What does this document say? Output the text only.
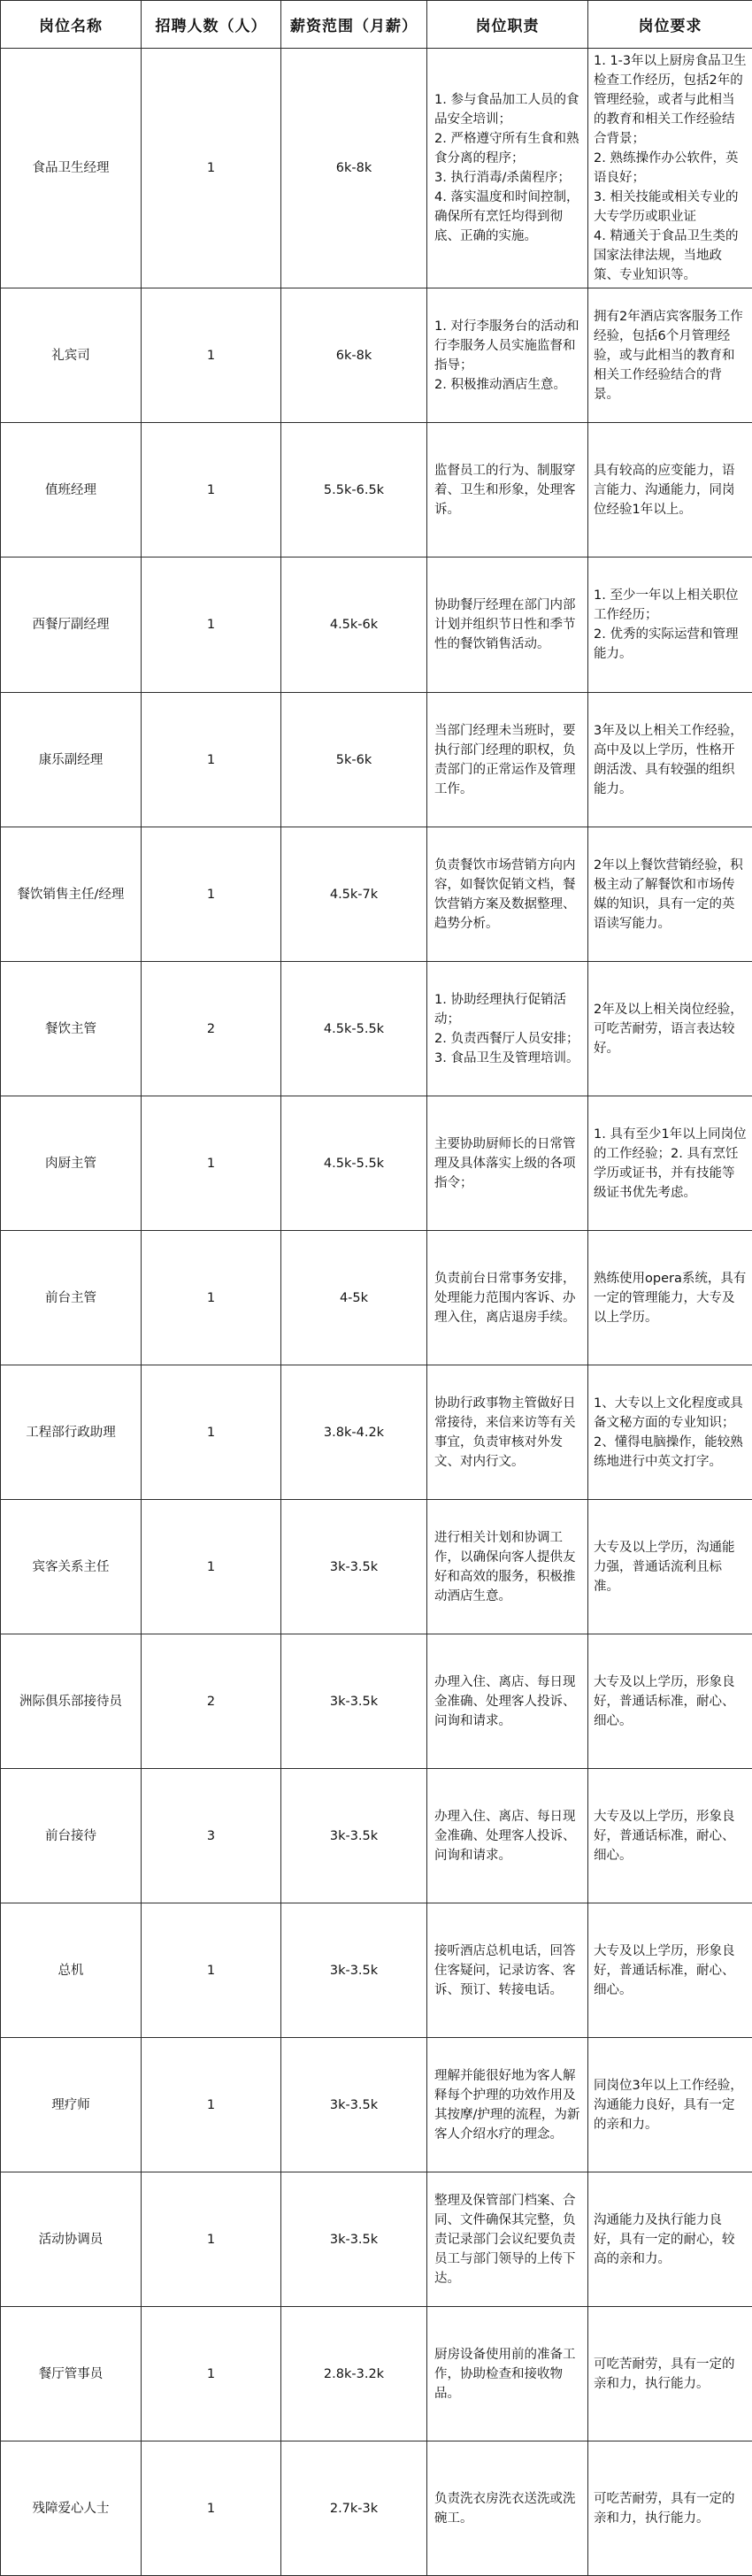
岗位名称	招聘人数（人）	薪资范围（月薪）	岗位职责	岗位要求
食品卫生经理	1	6k-8k	1. 参与食品加工人员的食品安全培训；
2. 严格遵守所有生食和熟食分离的程序；
3. 执行消毒/杀菌程序；
4. 落实温度和时间控制，确保所有烹饪均得到彻底、正确的实施。	1. 1-3年以上厨房食品卫生检查工作经历，包括2年的管理经验，或者与此相当的教育和相关工作经验结合背景；
2. 熟练操作办公软件，英语良好；
3. 相关技能或相关专业的大专学历或职业证
4. 精通关于食品卫生类的国家法律法规，当地政策、专业知识等。

礼宾司	1	6k-8k	1. 对行李服务台的活动和行李服务人员实施监督和指导；
2. 积极推动酒店生意。	拥有2年酒店宾客服务工作经验，包括6个月管理经验，或与此相当的教育和相关工作经验结合的背景。

值班经理	1	5.5k-6.5k	监督员工的行为、制服穿着、卫生和形象，处理客诉。	具有较高的应变能力，语言能力、沟通能力，同岗位经验1年以上。

西餐厅副经理	1	4.5k-6k	协助餐厅经理在部门内部计划并组织节日性和季节性的餐饮销售活动。	1. 至少一年以上相关职位工作经历；
2. 优秀的实际运营和管理能力。

康乐副经理	1	5k-6k	当部门经理未当班时，要执行部门经理的职权，负责部门的正常运作及管理工作。	3年及以上相关工作经验，高中及以上学历，性格开朗活泼、具有较强的组织能力。

餐饮销售主任/经理	1	4.5k-7k	负责餐饮市场营销方向内容，如餐饮促销文档，餐饮营销方案及数据整理、趋势分析。	2年以上餐饮营销经验，积极主动了解餐饮和市场传媒的知识，具有一定的英语读写能力。

餐饮主管	2	4.5k-5.5k	1. 协助经理执行促销活动；
2. 负责西餐厅人员安排；
3. 食品卫生及管理培训。	2年及以上相关岗位经验，可吃苦耐劳，语言表达较好。

肉厨主管	1	4.5k-5.5k	主要协助厨师长的日常管理及具体落实上级的各项指令；	1. 具有至少1年以上同岗位的工作经验；2. 具有烹饪学历或证书，并有技能等级证书优先考虑。

前台主管	1	4-5k	负责前台日常事务安排，处理能力范围内客诉、办理入住，离店退房手续。	熟练使用opera系统，具有一定的管理能力，大专及以上学历。

工程部行政助理	1	3.8k-4.2k	协助行政事物主管做好日常接待，来信来访等有关事宜，负责审核对外发文、对内行文。	1、大专以上文化程度或具备文秘方面的专业知识；2、懂得电脑操作，能较熟练地进行中英文打字。

宾客关系主任	1	3k-3.5k	进行相关计划和协调工作，以确保向客人提供友好和高效的服务，积极推动酒店生意。	大专及以上学历，沟通能力强，普通话流利且标准。

洲际俱乐部接待员	2	3k-3.5k	办理入住、离店、每日现金准确、处理客人投诉、问询和请求。	大专及以上学历，形象良好，普通话标准，耐心、细心。

前台接待	3	3k-3.5k	办理入住、离店、每日现金准确、处理客人投诉、问询和请求。	大专及以上学历，形象良好，普通话标准，耐心、细心。

总机	1	3k-3.5k	接听酒店总机电话，回答住客疑问，记录访客、客诉、预订、转接电话。	大专及以上学历，形象良好，普通话标准，耐心、细心。

理疗师	1	3k-3.5k	理解并能很好地为客人解释每个护理的功效作用及其按摩/护理的流程，为新客人介绍水疗的理念。	同岗位3年以上工作经验，沟通能力良好，具有一定的亲和力。

活动协调员	1	3k-3.5k	整理及保管部门档案、合同、文件确保其完整，负责记录部门会议纪要负责员工与部门领导的上传下达。	沟通能力及执行能力良好，具有一定的耐心，较高的亲和力。

餐厅管事员	1	2.8k-3.2k	厨房设备使用前的准备工作，协助检查和接收物品。	可吃苦耐劳，具有一定的亲和力，执行能力。

残障爱心人士	1	2.7k-3k	负责洗衣房洗衣送洗或洗碗工。	可吃苦耐劳，具有一定的亲和力，执行能力。
